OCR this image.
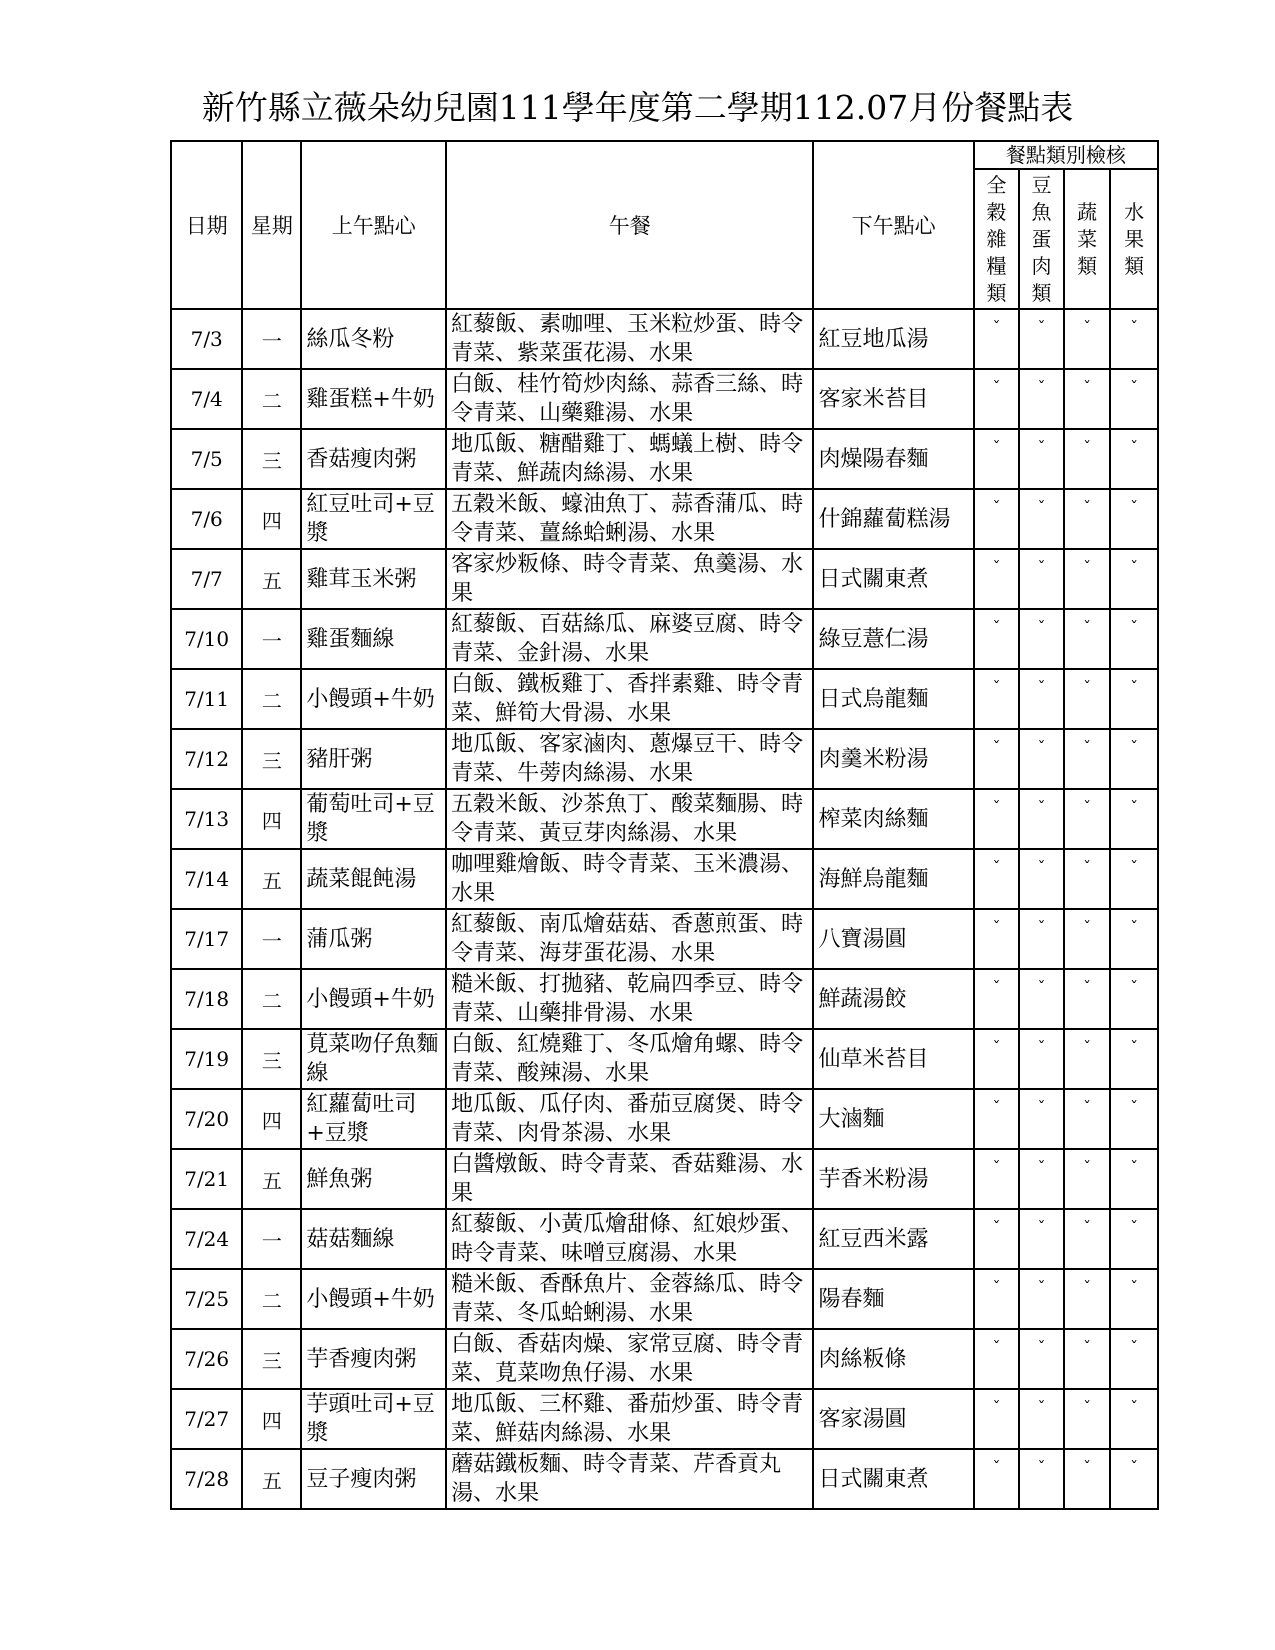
新竹縣立薇朵幼兒園111學年度第二學期112.07月份餐點表
日期	星期	上午點心	午餐	下午點心	餐點類別檢核			

					全
穀
雜
糧
類	豆
魚
蛋
肉
類	蔬
菜
類	水
果
類

7/3	一	絲瓜冬粉	紅藜飯、素咖哩、玉米粒炒蛋、時令青菜、紫菜蛋花湯、水果	紅豆地瓜湯	ˇ	ˇ	ˇ	ˇ
7/4	二	雞蛋糕+牛奶	白飯、桂竹筍炒肉絲、蒜香三絲、時令青菜、山藥雞湯、水果	客家米苔目	ˇ	ˇ	ˇ	ˇ
7/5	三	香菇瘦肉粥	地瓜飯、糖醋雞丁、螞蟻上樹、時令青菜、鮮蔬肉絲湯、水果	肉燥陽春麵	ˇ	ˇ	ˇ	ˇ
7/6	四	紅豆吐司+豆漿	五穀米飯、蠔油魚丁、蒜香蒲瓜、時令青菜、薑絲蛤蜊湯、水果	什錦蘿蔔糕湯	ˇ	ˇ	ˇ	ˇ
7/7	五	雞茸玉米粥	客家炒粄條、時令青菜、魚羹湯、水果	日式關東煮	ˇ	ˇ	ˇ	ˇ
7/10	一	雞蛋麵線	紅藜飯、百菇絲瓜、麻婆豆腐、時令青菜、金針湯、水果	綠豆薏仁湯	ˇ	ˇ	ˇ	ˇ
7/11	二	小饅頭+牛奶	白飯、鐵板雞丁、香拌素雞、時令青菜、鮮筍大骨湯、水果	日式烏龍麵	ˇ	ˇ	ˇ	ˇ
7/12	三	豬肝粥	地瓜飯、客家滷肉、蔥爆豆干、時令青菜、牛蒡肉絲湯、水果	肉羹米粉湯	ˇ	ˇ	ˇ	ˇ
7/13	四	葡萄吐司+豆漿	五穀米飯、沙茶魚丁、酸菜麵腸、時令青菜、黃豆芽肉絲湯、水果	榨菜肉絲麵	ˇ	ˇ	ˇ	ˇ
7/14	五	蔬菜餛飩湯	咖哩雞燴飯、時令青菜、玉米濃湯、水果	海鮮烏龍麵	ˇ	ˇ	ˇ	ˇ
7/17	一	蒲瓜粥	紅藜飯、南瓜燴菇菇、香蔥煎蛋、時令青菜、海芽蛋花湯、水果	八寶湯圓	ˇ	ˇ	ˇ	ˇ
7/18	二	小饅頭+牛奶	糙米飯、打拋豬、乾扁四季豆、時令青菜、山藥排骨湯、水果	鮮蔬湯餃	ˇ	ˇ	ˇ	ˇ
7/19	三	莧菜吻仔魚麵線	白飯、紅燒雞丁、冬瓜燴角螺、時令青菜、酸辣湯、水果	仙草米苔目	ˇ	ˇ	ˇ	ˇ
7/20	四	紅蘿蔔吐司+豆漿	地瓜飯、瓜仔肉、番茄豆腐煲、時令青菜、肉骨茶湯、水果	大滷麵	ˇ	ˇ	ˇ	ˇ
7/21	五	鮮魚粥	白醬燉飯、時令青菜、香菇雞湯、水果	芋香米粉湯	ˇ	ˇ	ˇ	ˇ
7/24	一	菇菇麵線	紅藜飯、小黃瓜燴甜條、紅娘炒蛋、時令青菜、味噌豆腐湯、水果	紅豆西米露	ˇ	ˇ	ˇ	ˇ
7/25	二	小饅頭+牛奶	糙米飯、香酥魚片、金蓉絲瓜、時令青菜、冬瓜蛤蜊湯、水果	陽春麵	ˇ	ˇ	ˇ	ˇ
7/26	三	芋香瘦肉粥	白飯、香菇肉燥、家常豆腐、時令青菜、莧菜吻魚仔湯、水果	肉絲粄條	ˇ	ˇ	ˇ	ˇ
7/27	四	芋頭吐司+豆漿	地瓜飯、三杯雞、番茄炒蛋、時令青菜、鮮菇肉絲湯、水果	客家湯圓	ˇ	ˇ	ˇ	ˇ
7/28	五	豆子瘦肉粥	蘑菇鐵板麵、時令青菜、芹香貢丸湯、水果	日式關東煮	ˇ	ˇ	ˇ	ˇ
